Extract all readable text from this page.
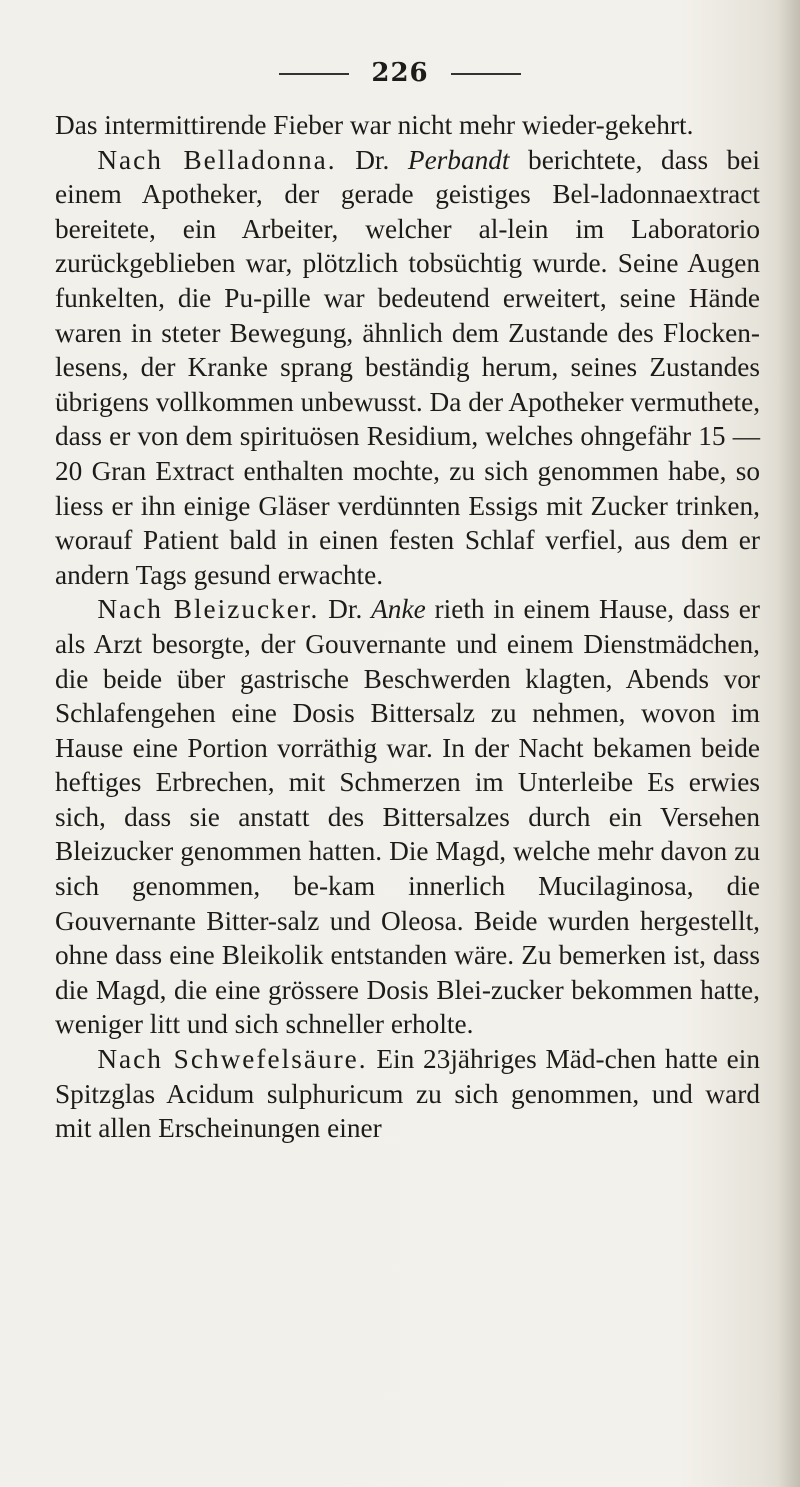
226

Das intermittirende Fieber war nicht mehr wieder-gekehrt.

Nach Belladonna. Dr. Perbandt berichtete, dass bei einem Apotheker, der gerade geistiges Bel-ladonnaextract bereitete, ein Arbeiter, welcher al-lein im Laboratorio zurückgeblieben war, plötzlich tobsüchtig wurde. Seine Augen funkelten, die Pu-pille war bedeutend erweitert, seine Hände waren in steter Bewegung, ähnlich dem Zustande des Flocken-lesens, der Kranke sprang beständig herum, seines Zustandes übrigens vollkommen unbewusst. Da der Apotheker vermuthete, dass er von dem spirituösen Residium, welches ohngefähr 15 — 20 Gran Extract enthalten mochte, zu sich genommen habe, so liess er ihn einige Gläser verdünnten Essigs mit Zucker trinken, worauf Patient bald in einen festen Schlaf verfiel, aus dem er andern Tags gesund erwachte.

Nach Bleizucker. Dr. Anke rieth in einem Hause, dass er als Arzt besorgte, der Gouvernante und einem Dienstmädchen, die beide über gastrische Beschwerden klagten, Abends vor Schlafengehen eine Dosis Bittersalz zu nehmen, wovon im Hause eine Portion vorräthig war. In der Nacht bekamen beide heftiges Erbrechen, mit Schmerzen im Unterleibe Es erwies sich, dass sie anstatt des Bittersalzes durch ein Versehen Bleizucker genommen hatten. Die Magd, welche mehr davon zu sich genommen, be-kam innerlich Mucilaginosa, die Gouvernante Bitter-salz und Oleosa. Beide wurden hergestellt, ohne dass eine Bleikolik entstanden wäre. Zu bemerken ist, dass die Magd, die eine grössere Dosis Blei-zucker bekommen hatte, weniger litt und sich schneller erholte.

Nach Schwefelsäure. Ein 23jähriges Mäd-chen hatte ein Spitzglas Acidum sulphuricum zu sich genommen, und ward mit allen Erscheinungen einer
